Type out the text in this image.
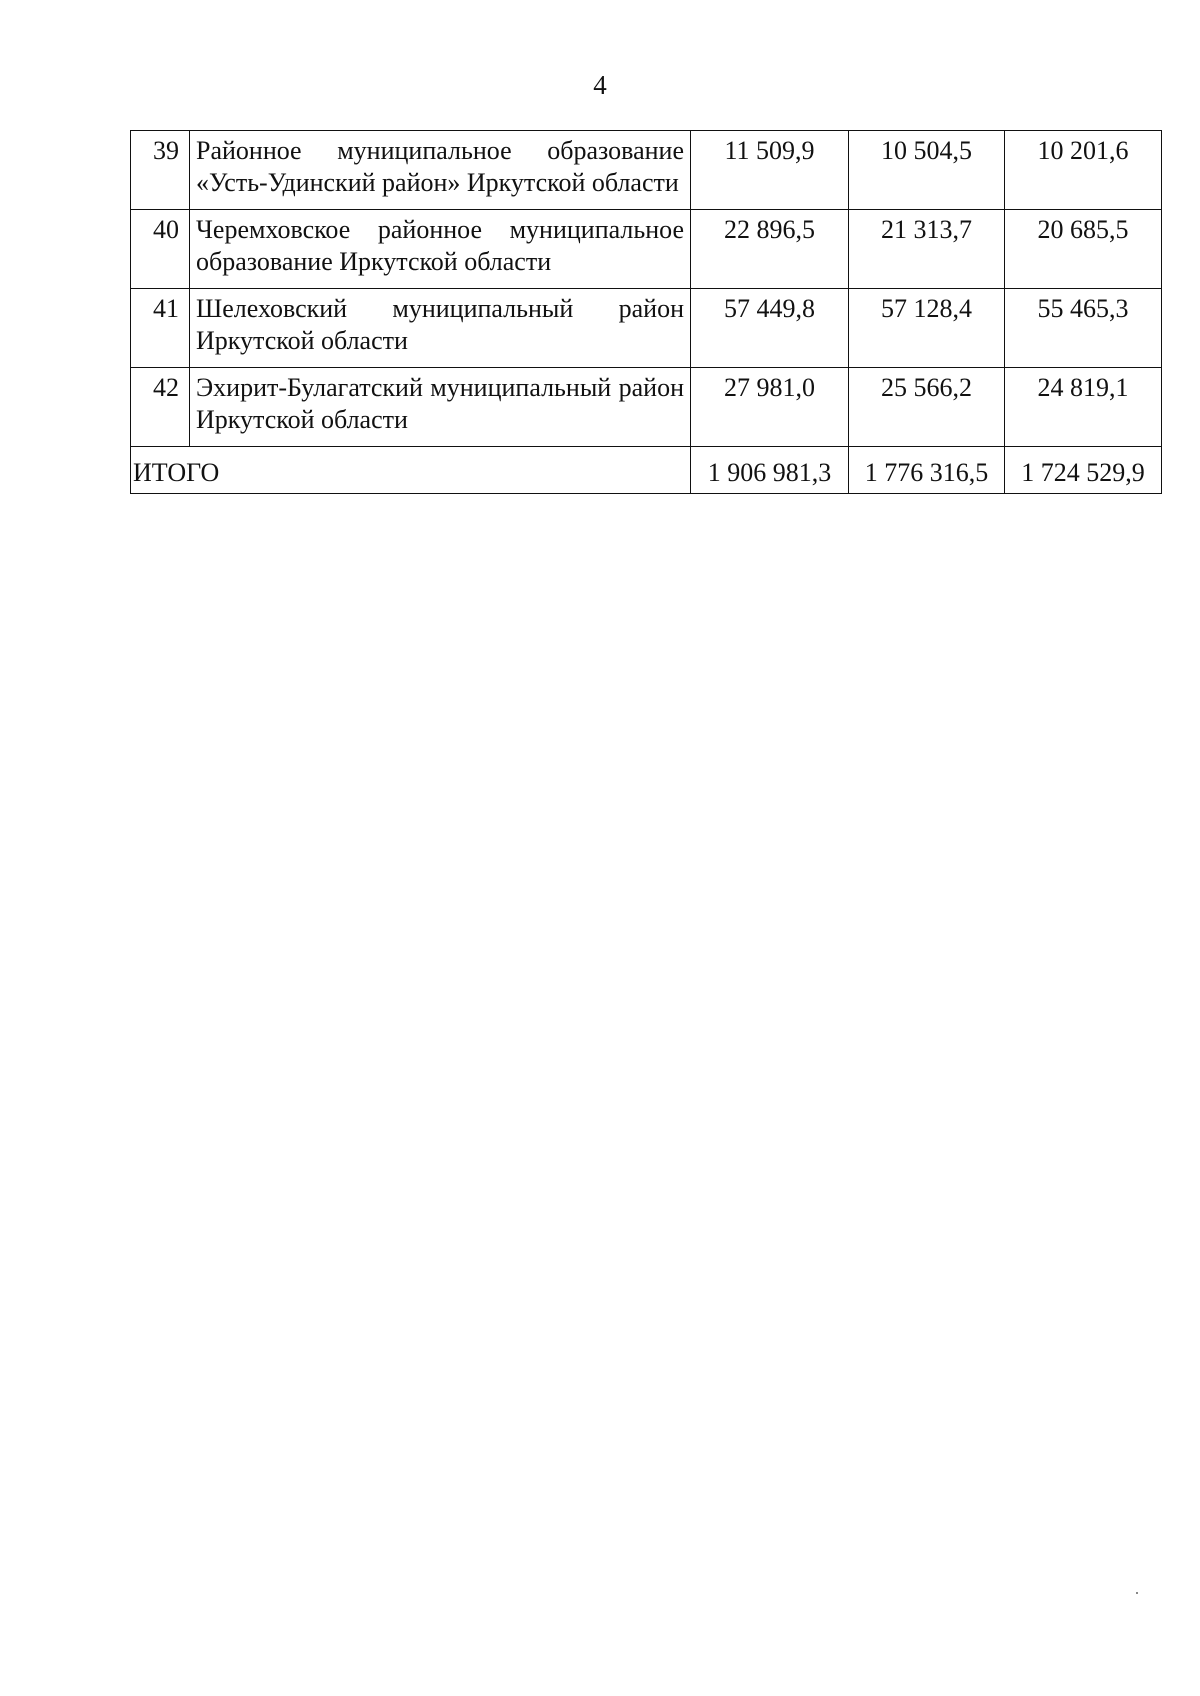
4
39	Районное муниципальное образование «Усть-Удинский район» Иркутской области	11 509,9	10 504,5	10 201,6
40	Черемховское районное муниципальное образование Иркутской области	22 896,5	21 313,7	20 685,5
41	Шелеховский муниципальный район Иркутской области	57 449,8	57 128,4	55 465,3
42	Эхирит-Булагатский муниципальный район Иркутской области	27 981,0	25 566,2	24 819,1
ИТОГО		1 906 981,3	1 776 316,5	1 724 529,9
